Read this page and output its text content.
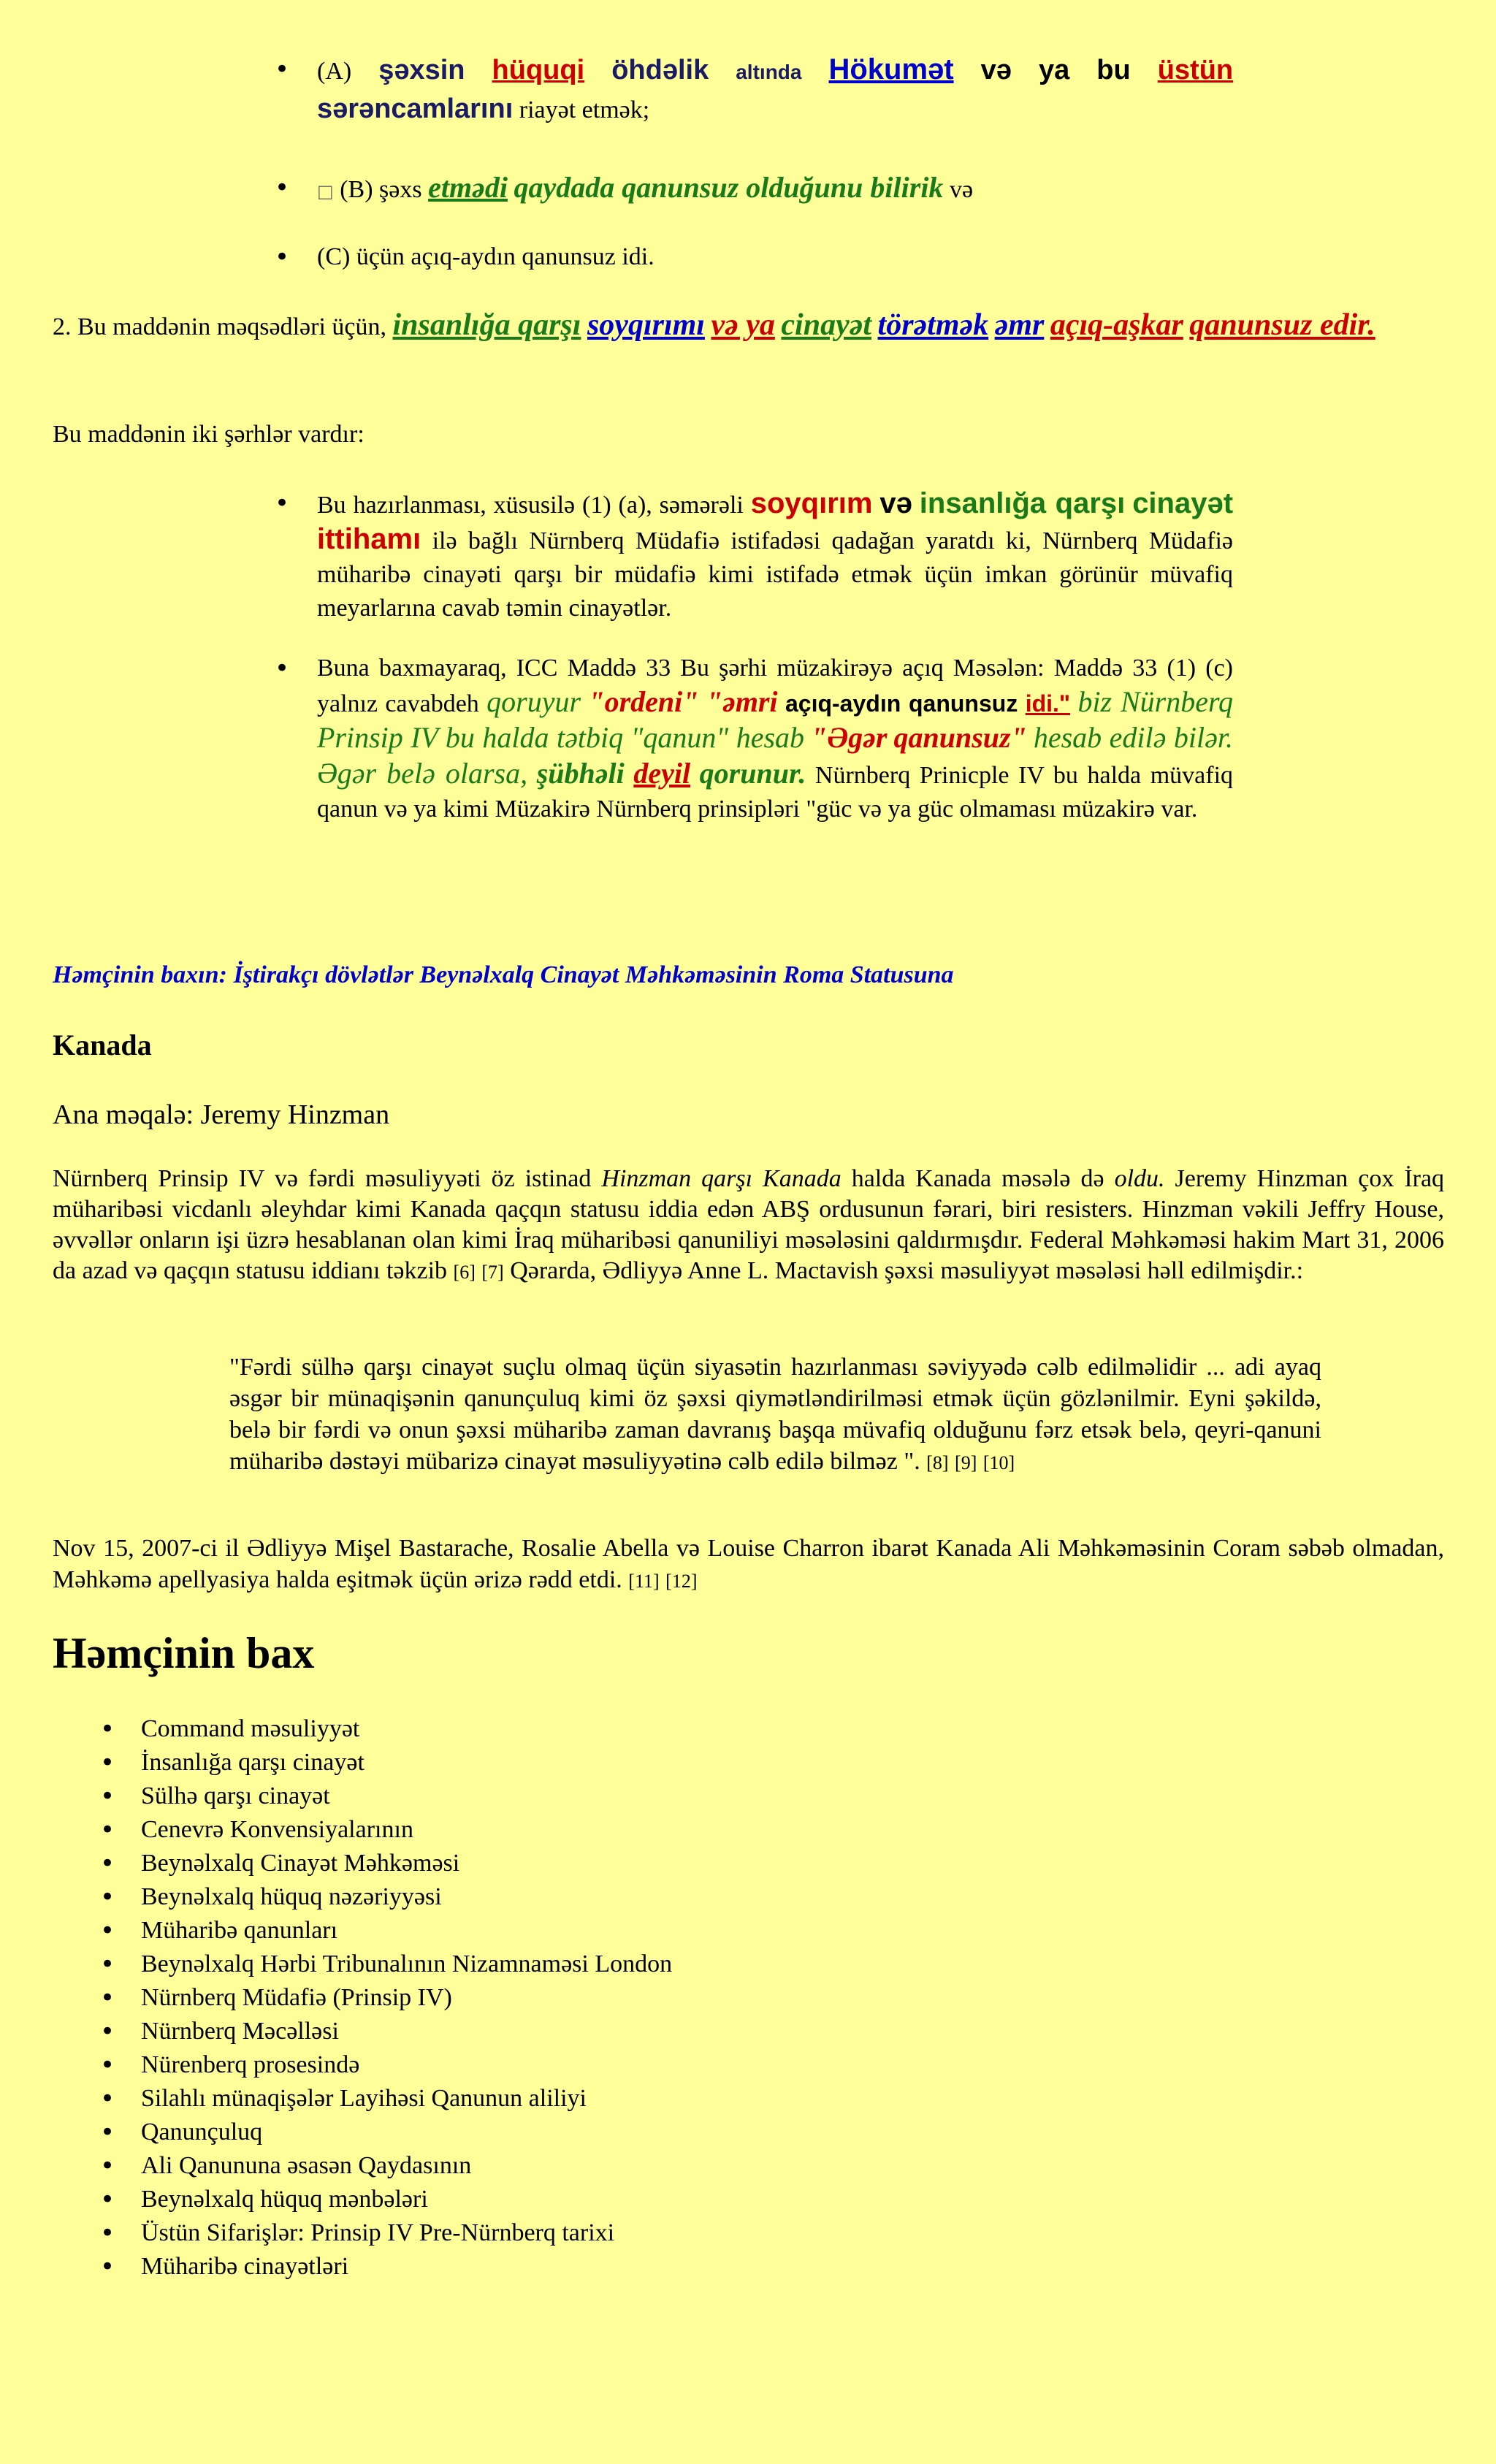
• (A) şəxsin hüquqi öhdəlik altında Hökumət və ya bu üstün sərəncamlarını riayət etmək;
• □ (B) şəxs etmədi qaydada qanunsuz olduğunu bilirik və
• (C) üçün açıq-aydın qanunsuz idi.

2. Bu maddənin məqsədləri üçün, insanlığa qarşı soyqırımı və ya cinayət törətmək əmr açıq-aşkar qanunsuz edir.

Bu maddənin iki şərhlər vardır:

• Bu hazırlanması, xüsusilə (1) (a), səmərəli soyqırım və insanlığa qarşı cinayət ittihamı ilə bağlı Nürnberq Müdafiə istifadəsi qadağan yaratdı ki, Nürnberq Müdafiə müharibə cinayəti qarşı bir müdafiə kimi istifadə etmək üçün imkan görünür müvafiq meyarlarına cavab təmin cinayətlər.
• Buna baxmayaraq, ICC Maddə 33 Bu şərhi müzakirəyə açıq Məsələn: Maddə 33 (1) (c) yalnız cavabdeh qoruyur "ordeni" "əmri açıq-aydın qanunsuz idi." biz Nürnberq Prinsip IV bu halda tətbiq "qanun" hesab "Əgər qanunsuz" hesab edilə bilər. Əgər belə olarsa, şübhəli deyil qorunur. Nürnberq Prinicple IV bu halda müvafiq qanun və ya kimi Müzakirə Nürnberq prinsipləri "güc və ya güc olmaması müzakirə var.

Həmçinin baxın: İştirakçı dövlətlər Beynəlxalq Cinayət Məhkəməsinin Roma Statusuna

Kanada

Ana məqalə: Jeremy Hinzman

Nürnberq Prinsip IV və fərdi məsuliyyəti öz istinad Hinzman qarşı Kanada halda Kanada məsələ də oldu. Jeremy Hinzman çox İraq müharibəsi vicdanlı əleyhdar kimi Kanada qaçqın statusu iddia edən ABŞ ordusunun fərari, biri resisters. Hinzman vəkili Jeffry House, əvvəllər onların işi üzrə hesablanan olan kimi İraq müharibəsi qanuniliyi məsələsini qaldırmışdır. Federal Məhkəməsi hakim Mart 31, 2006 da azad və qaçqın statusu iddianı təkzib [6] [7] Qərarda, Ədliyyə Anne L. Mactavish şəxsi məsuliyyət məsələsi həll edilmişdir.:

"Fərdi sülhə qarşı cinayət suçlu olmaq üçün siyasətin hazırlanması səviyyədə cəlb edilməlidir ... adi ayaq əsgər bir münaqişənin qanunçuluq kimi öz şəxsi qiymətləndirilməsi etmək üçün gözlənilmir. Eyni şəkildə, belə bir fərdi və onun şəxsi müharibə zaman davranış başqa müvafiq olduğunu fərz etsək belə, qeyri-qanuni müharibə dəstəyi mübarizə cinayət məsuliyyətinə cəlb edilə bilməz ". [8] [9] [10]

Nov 15, 2007-ci il Ədliyyə Mişel Bastarache, Rosalie Abella və Louise Charron ibarət Kanada Ali Məhkəməsinin Coram səbəb olmadan, Məhkəmə apellyasiya halda eşitmək üçün ərizə rədd etdi. [11] [12]

Həmçinin bax
• Command məsuliyyət
• İnsanlığa qarşı cinayət
• Sülhə qarşı cinayət
• Cenevrə Konvensiyalarının
• Beynəlxalq Cinayət Məhkəməsi
• Beynəlxalq hüquq nəzəriyyəsi
• Müharibə qanunları
• Beynəlxalq Hərbi Tribunalının Nizamnaməsi London
• Nürnberq Müdafiə (Prinsip IV)
• Nürnberq Məcəlləsi
• Nürenberq prosesində
• Silahlı münaqişələr Layihəsi Qanunun aliliyi
• Qanunçuluq
• Ali Qanununa əsasən Qaydasının
• Beynəlxalq hüquq mənbələri
• Üstün Sifarişlər: Prinsip IV Pre-Nürnberq tarixi
• Müharibə cinayətləri
